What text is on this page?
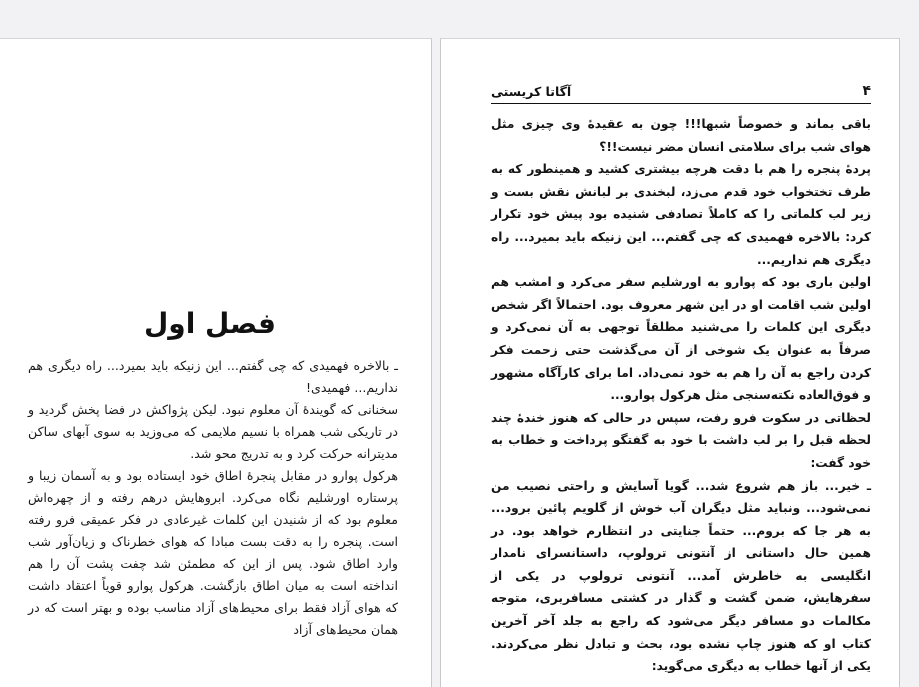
فصل اول

ـ بالاخره فهمیدی که چی گفتم... این زنیکه باید بمیرد... راه دیگری هم نداریم... فهمیدی!

سخنانی که گویندهٔ آن معلوم نبود. لیکن پژواکش در فضا پخش گردید و در تاریکی شب همراه با نسیم ملایمی که می‌وزید به سوی آبهای ساکن مدیترانه حرکت کرد و به تدریج محو شد.

هرکول پوارو در مقابل پنجرهٔ اطاق خود ایستاده بود و به آسمان زیبا و پرستاره اورشلیم نگاه می‌کرد. ابروهایش درهم رفته و از چهره‌اش معلوم بود که از شنیدن این کلمات غیرعادی در فکر عمیقی فرو رفته است. پنجره را به دقت بست مبادا که هوای خطرناک و زیان‌آور شب وارد اطاق شود. پس از این که مطمئن شد چفت پشت آن را هم انداخته است به میان اطاق بازگشت. هرکول پوارو قویاً اعتقاد داشت که هوای آزاد فقط برای محیط‌های آزاد مناسب بوده و بهتر است که در همان محیط‌های آزاد

۴
آگاتا کریستی

باقی بماند و خصوصاً شبها!!! چون به عقیدهٔ وی چیزی مثل هوای شب برای سلامتی انسان مضر نیست!!؟

پردهٔ پنجره را هم با دقت هرچه بیشتری کشید و همینطور که به طرف تختخواب خود قدم می‌زد، لبخندی بر لبانش نقش بست و زیر لب کلماتی را که کاملاً تصادفی شنیده بود پیش خود تکرار کرد: بالاخره فهمیدی که چی گفتم... این زنیکه باید بمیرد... راه دیگری هم نداریم...

اولین باری بود که پوارو به اورشلیم سفر می‌کرد و امشب هم اولین شب اقامت او در این شهر معروف بود. احتمالاً اگر شخص دیگری این کلمات را می‌شنید مطلقاً توجهی به آن نمی‌کرد و صرفاً به عنوان یک شوخی از آن می‌گذشت حتی زحمت فکر کردن راجع به آن را هم به خود نمی‌داد. اما برای کارآگاه مشهور و فوق‌العاده نکته‌سنجی مثل هرکول پوارو...

لحظاتی در سکوت فرو رفت، سپس در حالی که هنوز خندهٔ چند لحظه قبل را بر لب داشت با خود به گفتگو پرداخت و خطاب به خود گفت:

ـ خیر... باز هم شروع شد... گویا آسایش و راحتی نصیب من نمی‌شود... ونباید مثل دیگران آب خوش از گلویم پائین برود... به هر جا که بروم... حتماً جنایتی در انتظارم خواهد بود. در همین حال داستانی از آنتونی ترولوپ، داستانسرای نامدار انگلیسی به خاطرش آمد... آنتونی ترولوپ در یکی از سفرهایش، ضمن گشت و گذار در کشتی مسافربری، متوجه مکالمات دو مسافر دیگر می‌شود که راجع به جلد آخر آخرین کتاب او که هنوز چاپ نشده بود، بحث و تبادل نظر می‌کردند. یکی از آنها خطاب به دیگری می‌گوید:
